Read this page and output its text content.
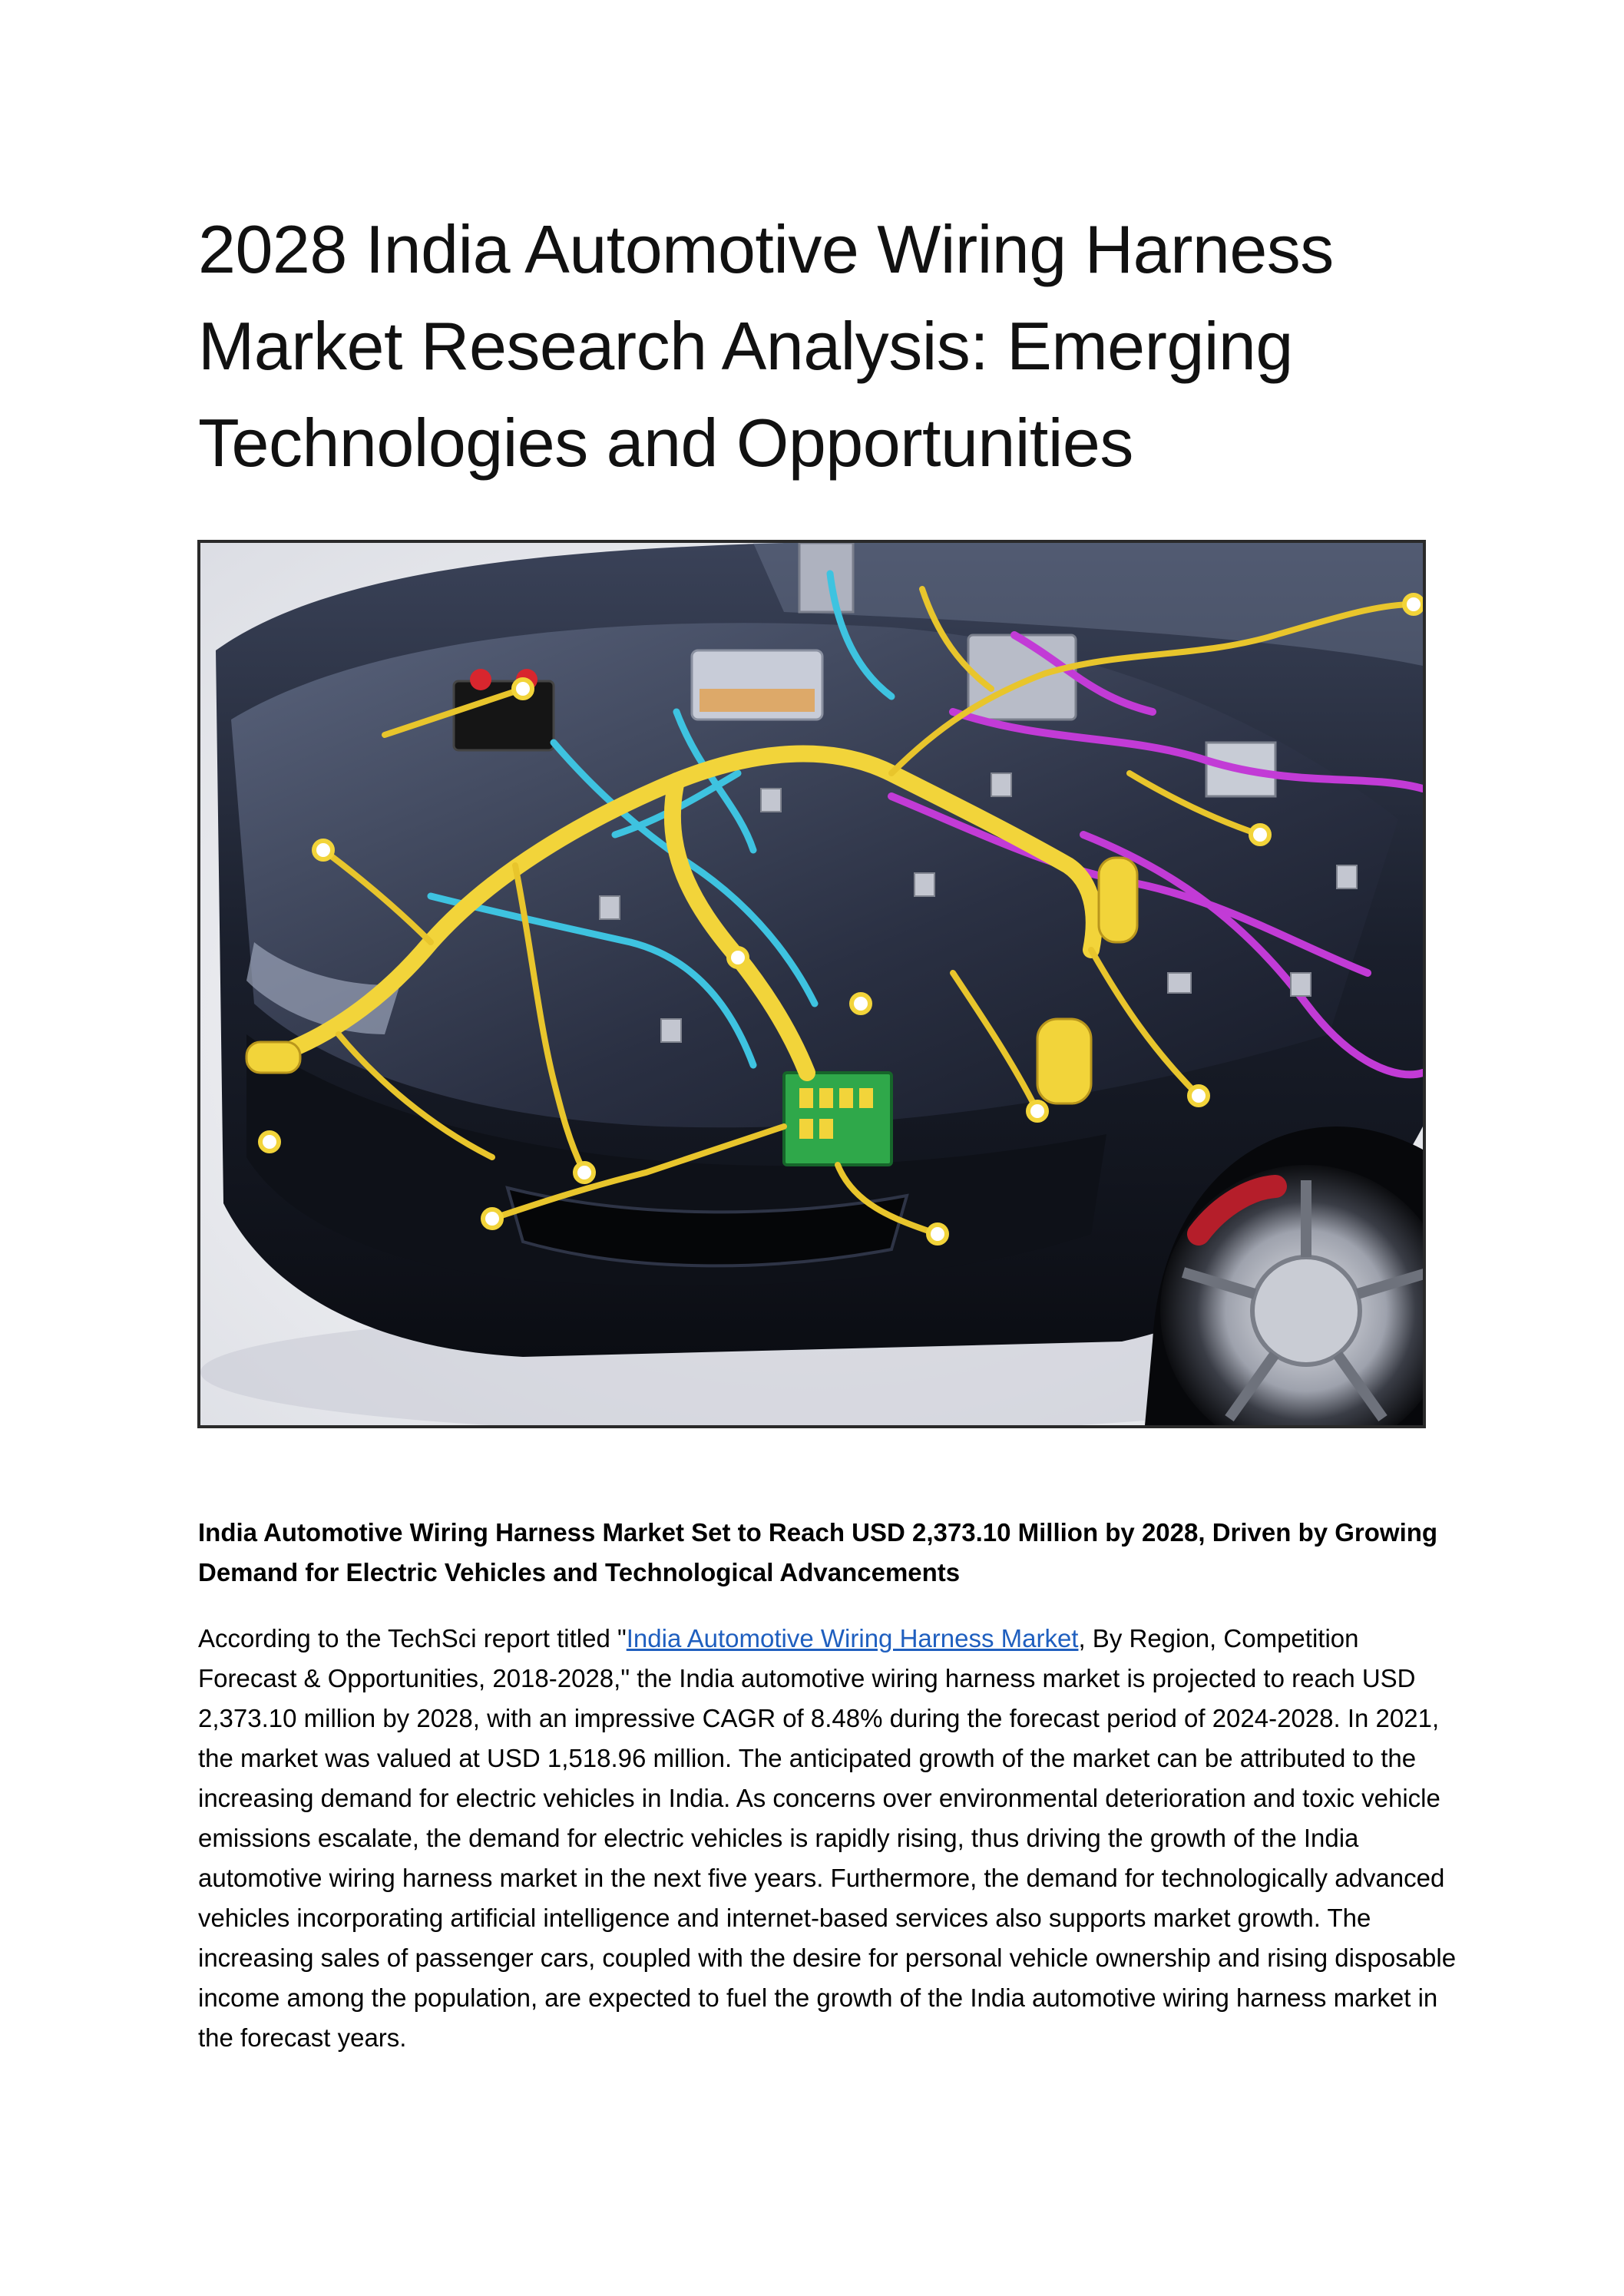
2028 India Automotive Wiring Harness Market Research Analysis: Emerging Technologies and Opportunities

India Automotive Wiring Harness Market Set to Reach USD 2,373.10 Million by 2028, Driven by Growing Demand for Electric Vehicles and Technological Advancements

According to the TechSci report titled "India Automotive Wiring Harness Market, By Region, Competition Forecast & Opportunities, 2018-2028," the India automotive wiring harness market is projected to reach USD 2,373.10 million by 2028, with an impressive CAGR of 8.48% during the forecast period of 2024-2028. In 2021, the market was valued at USD 1,518.96 million. The anticipated growth of the market can be attributed to the increasing demand for electric vehicles in India. As concerns over environmental deterioration and toxic vehicle emissions escalate, the demand for electric vehicles is rapidly rising, thus driving the growth of the India automotive wiring harness market in the next five years. Furthermore, the demand for technologically advanced vehicles incorporating artificial intelligence and internet-based services also supports market growth. The increasing sales of passenger cars, coupled with the desire for personal vehicle ownership and rising disposable income among the population, are expected to fuel the growth of the India automotive wiring harness market in the forecast years.
